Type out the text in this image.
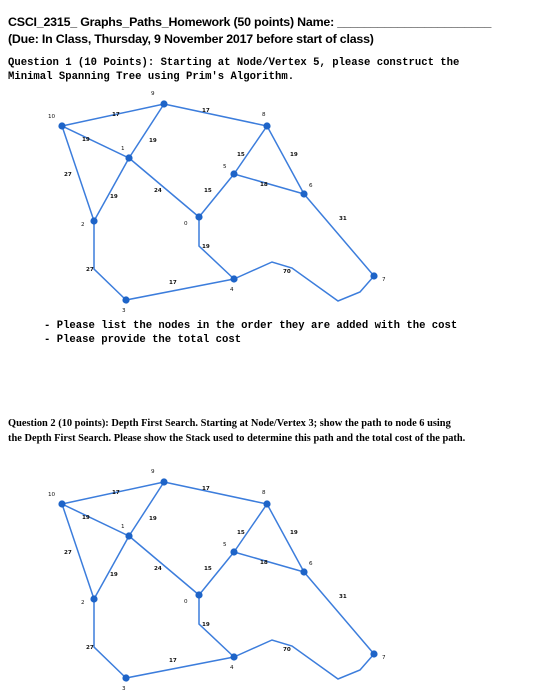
CSCI_2315_ Graphs_Paths_Homework (50 points) Name: _______________________
(Due: In Class, Thursday, 9 November 2017 before start of class)
Question 1 (10 Points): Starting at Node/Vertex 5, please construct the
Minimal Spanning Tree using Prim's Algorithm.
17
19
27
17
19
19
24	15
15	19
18
31
19
27
17
70
0
1
2
3
4
5
6
7
8
9
10
- Please list the nodes in the order they are added with the cost
- Please provide the total cost
Question 2 (10 points): Depth First Search. Starting at Node/Vertex 3; show the path to node 6 using
the Depth First Search. Please show the Stack used to determine this path and the total cost of the path.
17
19
27
17
19
19
24	15
15	19
18
31
19
27
17
70
0
1
2
3
4
5
6
7
8
9
10
